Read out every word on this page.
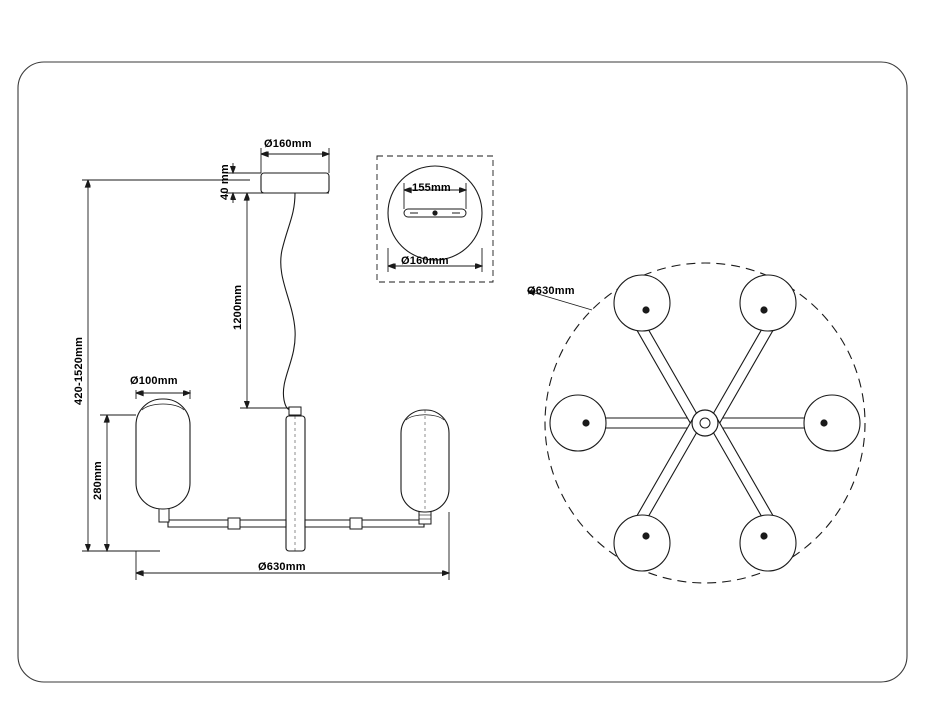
Ø160mm
40 mm
1200mm
420-1520mm
280mm
Ø100mm
Ø630mm
155mm
Ø160mm
Ø630mm
